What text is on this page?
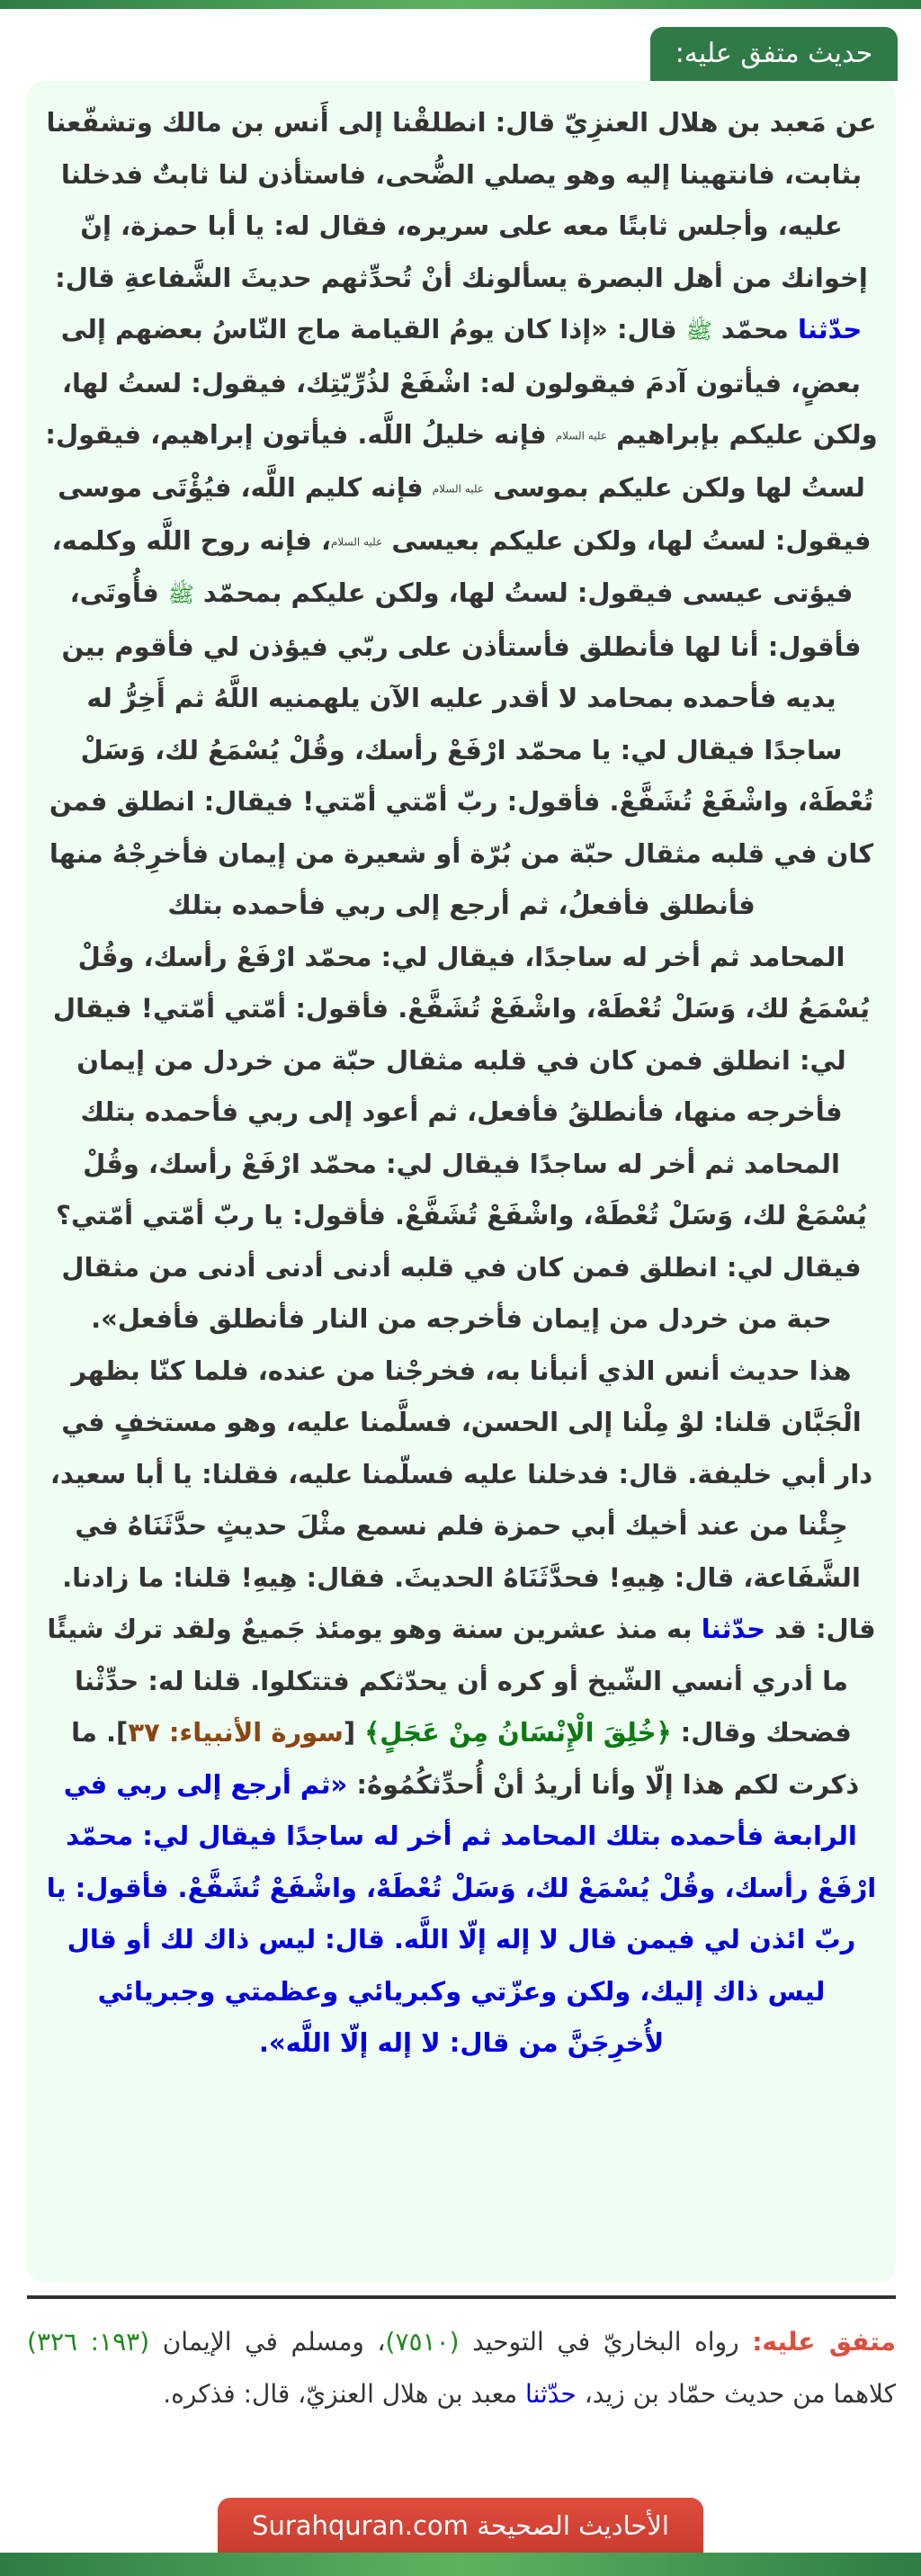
حديث متفق عليه:

عن مَعبد بن هلال العنزِيّ قال: انطلقْنا إلى أَنس بن مالك وتشفّعنا بثابت، فانتهينا إليه وهو يصلي الضُّحى، فاستأذن لنا ثابتٌ فدخلنا عليه، وأجلس ثابتًا معه على سريره، فقال له: يا أبا حمزة، إنّ إخوانك من أهل البصرة يسألونك أنْ تُحدِّثهم حديثَ الشَّفاعةِ قال: حدّثنا محمّد ﷺ قال: «إذا كان يومُ القيامة ماج النّاسُ بعضهم إلى بعضٍ، فيأتون آدمَ فيقولون له: اشْفَعْ لذُرِّيّتِك، فيقول: لستُ لها، ولكن عليكم بإبراهيم عليه السلام فإنه خليلُ اللَّه. فيأتون إبراهيم، فيقول: لستُ لها ولكن عليكم بموسى عليه السلام فإنه كليم اللَّه، فيُؤْتَى موسى فيقول: لستُ لها، ولكن عليكم بعيسى عليه السلام، فإنه روح اللَّه وكلمه، فيؤتى عيسى فيقول: لستُ لها، ولكن عليكم بمحمّد ﷺ فأُوتَى، فأقول: أنا لها فأنطلق فأستأذن على ربّي فيؤذن لي فأقوم بين يديه فأحمده بمحامد لا أقدر عليه الآن يلهمنيه اللَّهُ ثم أَخِرُّ له ساجدًا فيقال لي: يا محمّد ارْفَعْ رأسك، وقُلْ يُسْمَعُ لك، وَسَلْ تُعْطَهْ، واشْفَعْ تُشَفَّعْ. فأقول: ربّ أمّتي أمّتي! فيقال: انطلق فمن كان في قلبه مثقال حبّة من بُرّة أو شعيرة من إيمان فأخرِجْهُ منها فأنطلق فأفعلُ، ثم أرجع إلى ربي فأحمده بتلك

المحامد ثم أخر له ساجدًا، فيقال لي: محمّد ارْفَعْ رأسك، وقُلْ يُسْمَعُ لك، وَسَلْ تُعْطَهْ، واشْفَعْ تُشَفَّعْ. فأقول: أمّتي أمّتي! فيقال لي: انطلق فمن كان في قلبه مثقال حبّة من خردل من إيمان فأخرجه منها، فأنطلقُ فأفعل، ثم أعود إلى ربي فأحمده بتلك المحامد ثم أخر له ساجدًا فيقال لي: محمّد ارْفَعْ رأسك، وقُلْ يُسْمَعْ لك، وَسَلْ تُعْطَهْ، واشْفَعْ تُشَفَّعْ. فأقول: يا ربّ أمّتي أمّتي؟ فيقال لي: انطلق فمن كان في قلبه أدنى أدنى أدنى من مثقال حبة من خردل من إيمان فأخرجه من النار فأنطلق فأفعل».

هذا حديث أنس الذي أنبأنا به، فخرجْنا من عنده، فلما كنّا بظهر الْجَبَّان قلنا: لوْ مِلْنا إلى الحسن، فسلَّمنا عليه، وهو مستخفٍ في دار أبي خليفة. قال: فدخلنا عليه فسلّمنا عليه، فقلنا: يا أبا سعيد، جِئْنا من عند أخيك أبي حمزة فلم نسمع مثْلَ حديثٍ حدَّثَنَاهُ في الشَّفَاعة، قال: هِيهِ! فحدَّثَنَاهُ الحديثَ. فقال: هِيهِ! قلنا: ما زادنا. قال: قد حدّثنا به منذ عشرين سنة وهو يومئذ جَميعٌ ولقد ترك شيئًا ما أدري أنسي الشّيخ أو كره أن يحدّثكم فتتكلوا. قلنا له: حدِّثْنا فضحك وقال: ﴿خُلِقَ الْإِنْسَانُ مِنْ عَجَلٍ﴾ [سورة الأنبياء: ٣٧]. ما ذكرت لكم هذا إلّا وأنا أريدُ أنْ أُحدِّثكُمُوهُ: «ثم أرجع إلى ربي في الرابعة فأحمده بتلك المحامد ثم أخر له ساجدًا فيقال لي: محمّد ارْفَعْ رأسك، وقُلْ يُسْمَعْ لك، وَسَلْ تُعْطَهْ، واشْفَعْ تُشَفَّعْ. فأقول: يا ربّ ائذن لي فيمن قال لا إله إلّا اللَّه. قال: ليس ذاك لك أو قال ليس ذاك إليك، ولكن وعزّتي وكبريائي وعظمتي وجبريائي لأُخرِجَنَّ من قال: لا إله إلّا اللَّه».

متفق عليه: رواه البخاريّ في التوحيد (٧٥١٠)، ومسلم في الإيمان (١٩٣: ٣٢٦) كلاهما من حديث حمّاد بن زيد، حدّثنا معبد بن هلال العنزيّ، قال: فذكره.
الأحاديث الصحيحة Surahquran.com
